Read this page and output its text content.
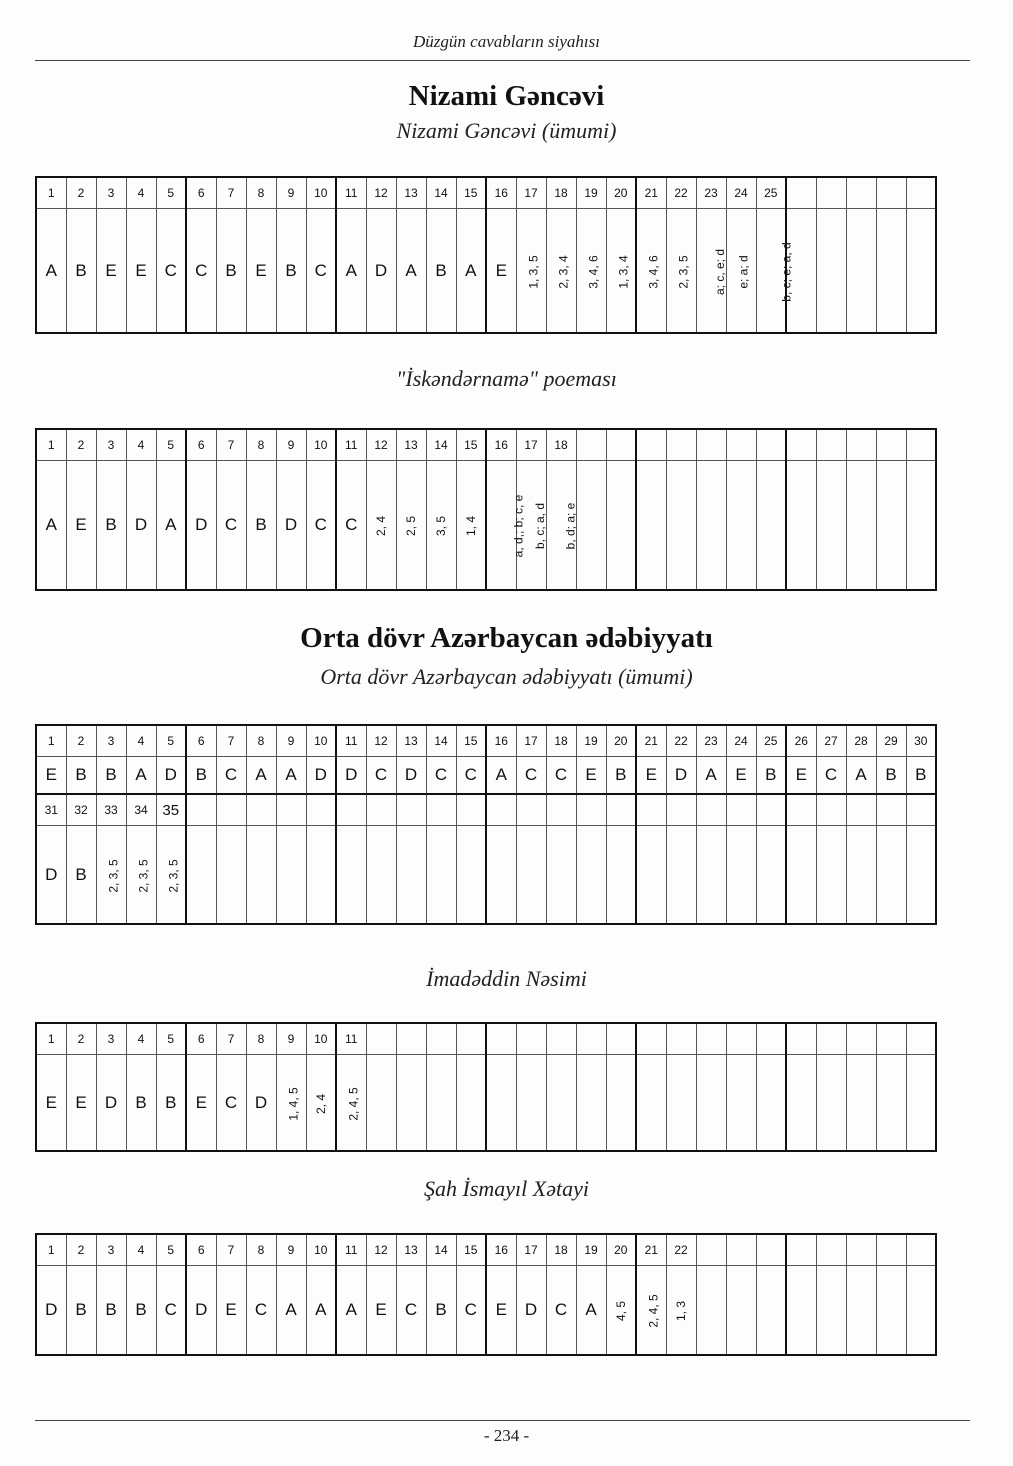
Düzgün cavabların siyahısı
Nizami Gəncəvi
Nizami Gəncəvi (ümumi)
1	2	3	4	5	6	7	8	9	10	11	12	13	14	15	16	17	18	19	20	21	22	23	24	25					
A	B	E	E	C	C	B	E	B	C	A	D	A	B	A	E	1, 3, 5	2, 3, 4	3, 4, 6	1, 3, 4	3, 4, 6	2, 3, 5	a; c, e; d	e; a; d	b, c; e; a, d					
"İskəndərnamə" poeması
1	2	3	4	5	6	7	8	9	10	11	12	13	14	15	16	17	18												
A	E	B	D	A	D	C	B	D	C	C	2, 4	2, 5	3, 5	1, 4	a, d,; b; c, e	b, c; a, d	b, d; a; e												
Orta dövr Azərbaycan ədəbiyyatı
Orta dövr Azərbaycan ədəbiyyatı (ümumi)
1	2	3	4	5	6	7	8	9	10	11	12	13	14	15	16	17	18	19	20	21	22	23	24	25	26	27	28	29	30
E	B	B	A	D	B	C	A	A	D	D	C	D	C	C	A	C	C	E	B	E	D	A	E	B	E	C	A	B	B
31	32	33	34	35																									
D	B	2, 3, 5	2, 3, 5	2, 3, 5																									
İmadəddin Nəsimi
1	2	3	4	5	6	7	8	9	10	11																			
E	E	D	B	B	E	C	D	1, 4, 5	2, 4	2, 4, 5																			
Şah İsmayıl Xətayi
1	2	3	4	5	6	7	8	9	10	11	12	13	14	15	16	17	18	19	20	21	22								
D	B	B	B	C	D	E	C	A	A	A	E	C	B	C	E	D	C	A	4, 5	2, 4, 5	1, 3								
- 234 -
